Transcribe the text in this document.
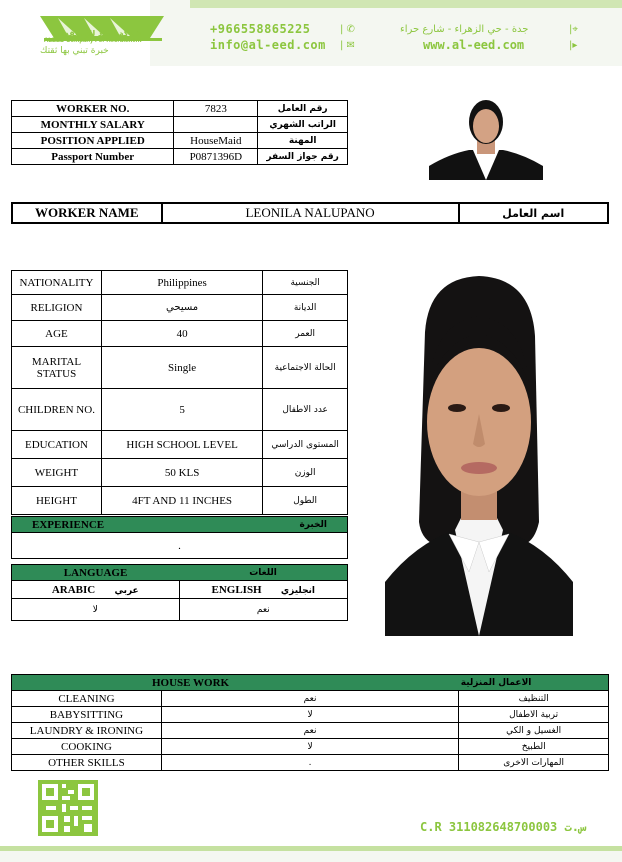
ALEED Company For Recruitment
شركة العيد للإستقدام
خبرة تبني بها ثقتك
+966558865225	| ✆
info@al-eed.com | ✉
جدة - حي الزهراء - شارع حراء	|⌖
www.al-eed.com	|▸
WORKER NO.	7823	رقم العامل
MONTHLY SALARY		الراتب الشهري
POSITION APPLIED	HouseMaid	المهنة
Passport Number	P0871396D	رقم جواز السفر
WORKER NAME	LEONILA NALUPANO	اسم العامل
NATIONALITY	Philippines	الجنسية
RELIGION	مسيحي	الديانة
AGE	40	العمر
MARITAL STATUS	Single	الحالة الاجتماعية
CHILDREN NO.	5	عدد الاطفال
EDUCATION	HIGH SCHOOL LEVEL	المستوى الدراسي
WEIGHT	50 KLS	الوزن
HEIGHT	4FT AND 11 INCHES	الطول
EXPERIENCE	الخبرة
.
LANGUAGE	اللغات
ARABIC عربي	ENGLISH انجليزي
لا	نعم
HOUSE WORK		الاعمال المنزلية
CLEANING	نعم	التنظيف
BABYSITTING	لا	تربية الاطفال
LAUNDRY & IRONING	نعم	الغسيل و الكي
COOKING	لا	الطبيخ
OTHER SKILLS	.	المهارات الاخرى
C.R 311082648700003 س.ت
